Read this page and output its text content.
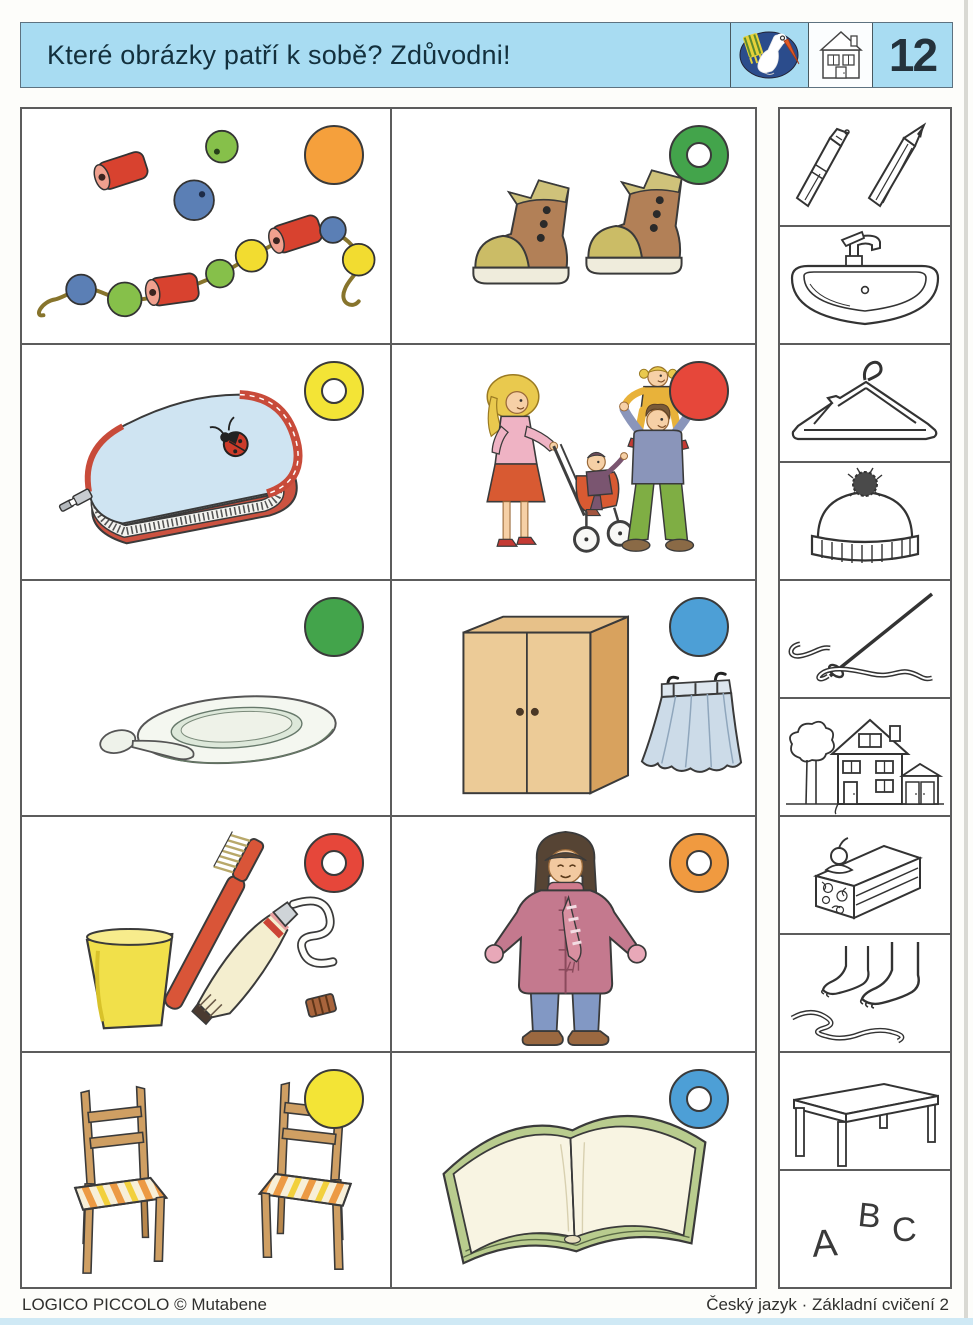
Které obrázky patří k sobě? Zdůvodni!	12
A
B C
LOGICO PICCOLO © Mutabene	Český jazyk · Základní cvičení 2
